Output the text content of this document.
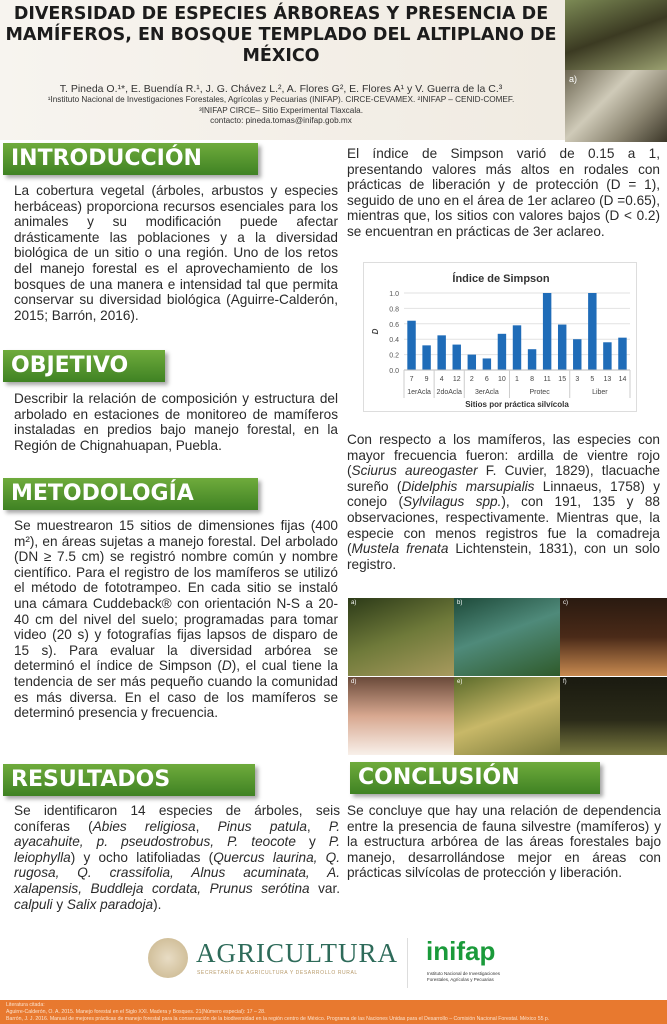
DIVERSIDAD DE ESPECIES ÁRBOREAS Y PRESENCIA DE MAMÍFEROS, EN BOSQUE TEMPLADO DEL ALTIPLANO DE MÉXICO
T. Pineda O.¹*, E. Buendía R.¹, J. G. Chávez L.², A. Flores G², E. Flores A¹ y V. Guerra de la C.³
¹Instituto Nacional de Investigaciones Forestales, Agrícolas y Pecuarias (INIFAP). CIRCE-CEVAMEX. ²INIFAP – CENID-COMEF. ³INIFAP CIRCE– Sitio Experimental Tlaxcala.
contacto: pineda.tomas@inifap.gob.mx
a)
INTRODUCCIÓN
La cobertura vegetal (árboles, arbustos y especies herbáceas) proporciona recursos esenciales para los animales y su modificación puede afectar drásticamente las poblaciones y a la diversidad biológica de un sitio o una región. Uno de los retos del manejo forestal es el aprovechamiento de los bosques de una manera e intensidad tal que permita conservar su diversidad biológica (Aguirre-Calderón, 2015; Barrón, 2016).
OBJETIVO
Describir la relación de composición y estructura del arbolado en estaciones de monitoreo de mamíferos instaladas en predios bajo manejo forestal, en la Región de Chignahuapan, Puebla.
METODOLOGÍA
Se muestrearon 15 sitios de dimensiones fijas (400 m²), en áreas sujetas a manejo forestal. Del arbolado (DN ≥ 7.5 cm) se registró nombre común y nombre científico. Para el registro de los mamíferos se utilizó el método de fototrampeo. En cada sitio se instaló una cámara Cuddeback® con orientación N-S a 20-40 cm del nivel del suelo; programadas para tomar video (20 s) y fotografías fijas lapsos de disparo de 15 s). Para evaluar la diversidad arbórea se determinó el índice de Simpson (D), el cual tiene la tendencia de ser más pequeño cuando la comunidad es más diversa. En el caso de los mamíferos se determinó presencia y frecuencia.
RESULTADOS
Se identificaron 14 especies de árboles, seis coníferas (Abies religiosa, Pinus patula, P. ayacahuite, p. pseudostrobus, P. teocote y P. leiophylla) y ocho latifoliadas (Quercus laurina, Q. rugosa, Q. crassifolia, Alnus acuminata, A. xalapensis, Buddleja cordata, Prunus serótina var. calpuli y Salix paradoja).
El índice de Simpson varió de 0.15 a 1, presentando valores más altos en rodales con prácticas de liberación y de protección (D = 1), seguido de uno en el área de 1er aclareo (D =0.65), mientras que, los sitios con valores bajos (D < 0.2) se encuentran en prácticas de 3er aclareo.
Índice de Simpson
0.0
0.2
0.4
0.6
0.8
1.0
D
7 9 4 12 2 6 10 1 8 11 15 3 5 13 14
1erAcla 2doAcla 3erAcla	Protec	Liber
Sitios por práctica silvícola
Con respecto a los mamíferos, las especies con mayor frecuencia fueron: ardilla de vientre rojo (Sciurus aureogaster F. Cuvier, 1829), tlacuache sureño (Didelphis marsupialis Linnaeus, 1758) y conejo (Sylvilagus spp.), con 191, 135 y 88 observaciones, respectivamente. Mientras que, la especie con menos registros fue la comadreja (Mustela frenata Lichtenstein, 1831), con un solo registro.
a)	b)	c)
d)	e)	f)
CONCLUSIÓN
Se concluye que hay una relación de dependencia entre la presencia de fauna silvestre (mamíferos) y la estructura arbórea de las áreas forestales bajo manejo, desarrollándose mejor en áreas con prácticas silvícolas de protección y liberación.
AGRICULTURA
SECRETARÍA DE AGRICULTURA Y DESARROLLO RURAL
inifap
Instituto Nacional de Investigaciones Forestales, Agrícolas y Pecuarias
Literatura citada:
Aguirre-Calderón, O. A. 2015. Manejo forestal en el Siglo XXI. Madera y Bosques. 21(Número especial): 17 – 28.
Barrón, J. J. 2016. Manual de mejores prácticas de manejo forestal para la conservación de la biodiversidad en la región centro de México. Programa de las Naciones Unidas para el Desarrollo – Comisión Nacional Forestal. México 55 p.
